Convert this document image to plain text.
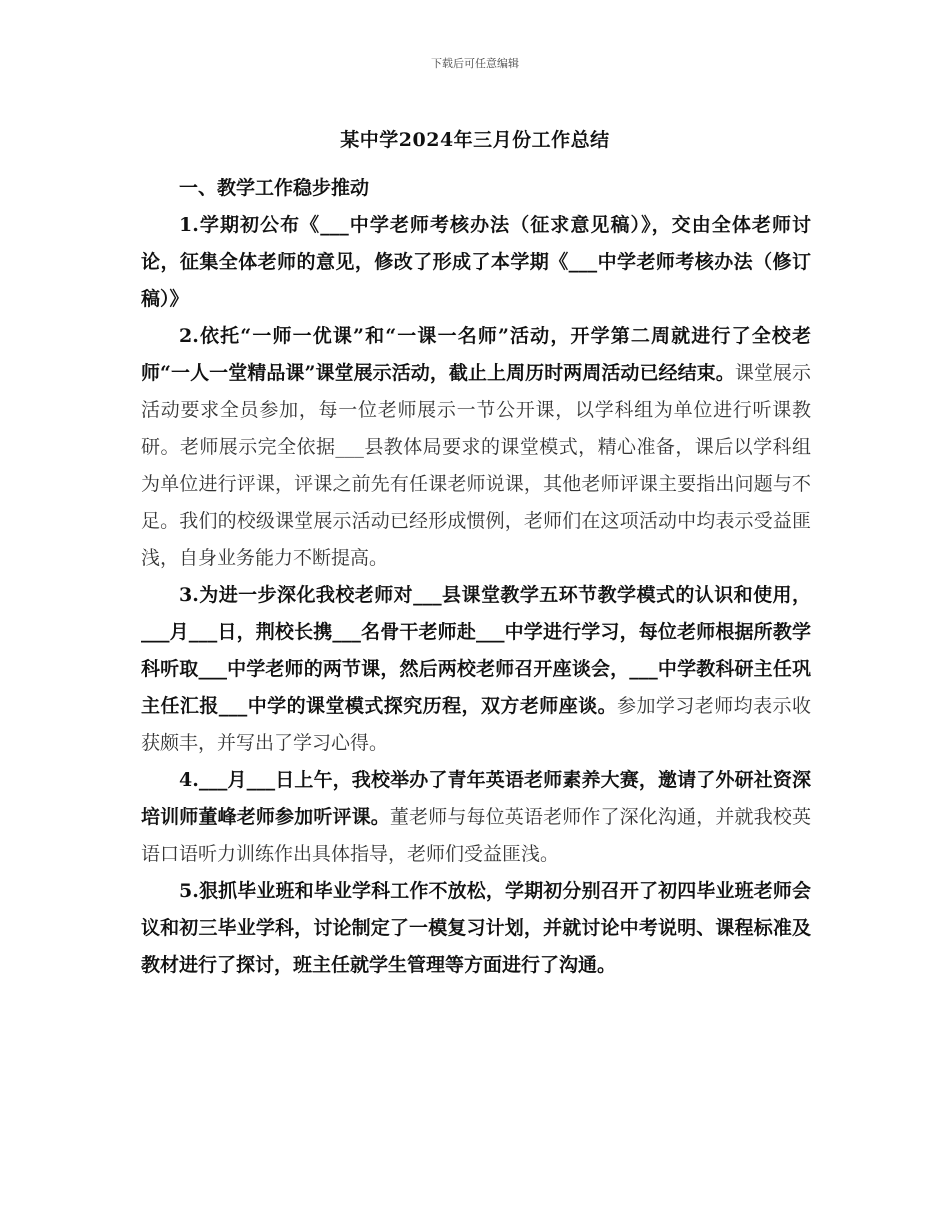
下载后可任意编辑
某中学2024年三月份工作总结

一、教学工作稳步推动

1.学期初公布《___中学老师考核办法（征求意见稿）》，交由全体老师讨论，征集全体老师的意见，修改了形成了本学期《___中学老师考核办法（修订稿）》

2.依托“一师一优课”和“一课一名师”活动，开学第二周就进行了全校老师“一人一堂精品课”课堂展示活动，截止上周历时两周活动已经结束。课堂展示活动要求全员参加，每一位老师展示一节公开课，以学科组为单位进行听课教研。老师展示完全依据___县教体局要求的课堂模式，精心准备，课后以学科组为单位进行评课，评课之前先有任课老师说课，其他老师评课主要指出问题与不足。我们的校级课堂展示活动已经形成惯例，老师们在这项活动中均表示受益匪浅，自身业务能力不断提高。

3.为进一步深化我校老师对___县课堂教学五环节教学模式的认识和使用，___月___日，荆校长携___名骨干老师赴___中学进行学习，每位老师根据所教学科听取___中学老师的两节课，然后两校老师召开座谈会，___中学教科研主任巩主任汇报___中学的课堂模式探究历程，双方老师座谈。参加学习老师均表示收获颇丰，并写出了学习心得。

4.___月___日上午，我校举办了青年英语老师素养大赛，邀请了外研社资深培训师董峰老师参加听评课。董老师与每位英语老师作了深化沟通，并就我校英语口语听力训练作出具体指导，老师们受益匪浅。

5.狠抓毕业班和毕业学科工作不放松，学期初分别召开了初四毕业班老师会议和初三毕业学科，讨论制定了一模复习计划，并就讨论中考说明、课程标准及教材进行了探讨，班主任就学生管理等方面进行了沟通。
